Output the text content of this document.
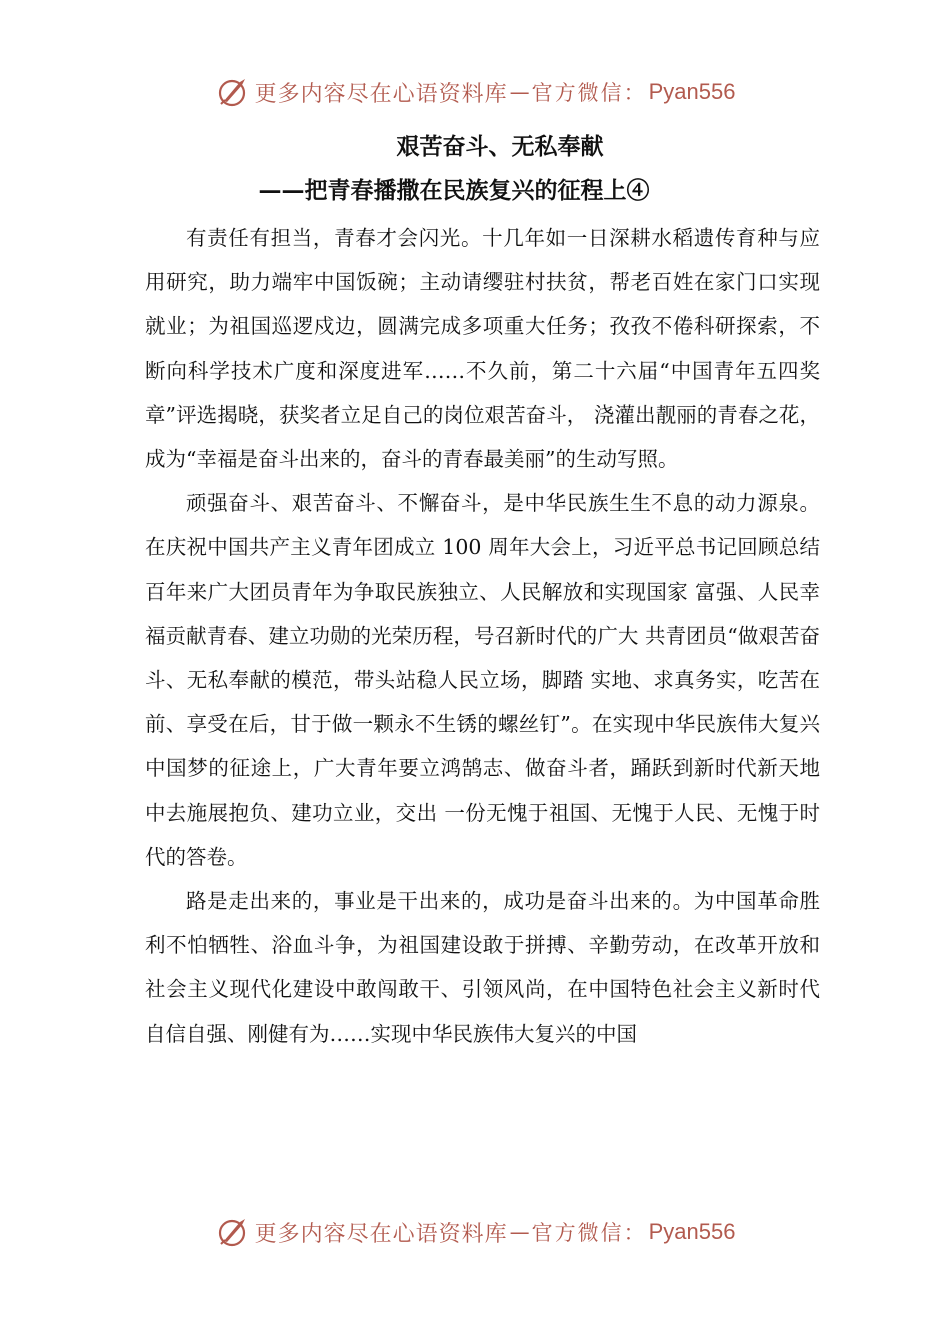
更多内容尽在心语资料库 — 官方微信： Pyan556
艰苦奋斗、无私奉献
——把青春播撒在民族复兴的征程上④

有责任有担当，青春才会闪光。十几年如一日深耕水稻遗传育种与应用研究，助力端牢中国饭碗；主动请缨驻村扶贫，帮老百姓在家门口实现就业；为祖国巡逻戍边，圆满完成多项重大任务；孜孜不倦科研探索，不断向科学技术广度和深度进军……不久前，第二十六届“中国青年五四奖章”评选揭晓，获奖者立足自己的岗位艰苦奋斗， 浇灌出靓丽的青春之花，成为“幸福是奋斗出来的，奋斗的青春最美丽”的生动写照。

顽强奋斗、艰苦奋斗、不懈奋斗，是中华民族生生不息的动力源泉。在庆祝中国共产主义青年团成立 100 周年大会上，习近平总书记回顾总结百年来广大团员青年为争取民族独立、人民解放和实现国家 富强、人民幸福贡献青春、建立功勋的光荣历程，号召新时代的广大 共青团员“做艰苦奋斗、无私奉献的模范，带头站稳人民立场，脚踏 实地、求真务实，吃苦在前、享受在后，甘于做一颗永不生锈的螺丝钉”。在实现中华民族伟大复兴中国梦的征途上，广大青年要立鸿鹄志、做奋斗者，踊跃到新时代新天地中去施展抱负、建功立业，交出 一份无愧于祖国、无愧于人民、无愧于时代的答卷。

路是走出来的，事业是干出来的，成功是奋斗出来的。为中国革命胜利不怕牺牲、浴血斗争，为祖国建设敢于拼搏、辛勤劳动，在改革开放和社会主义现代化建设中敢闯敢干、引领风尚，在中国特色社会主义新时代自信自强、刚健有为……实现中华民族伟大复兴的中国

更多内容尽在心语资料库 — 官方微信： Pyan556
